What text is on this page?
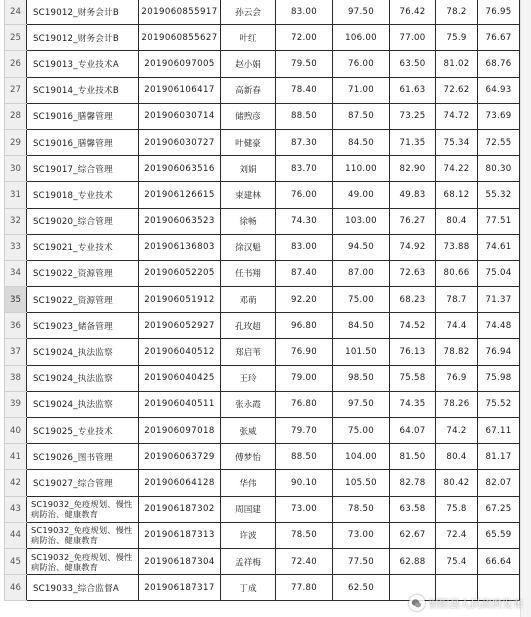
24	SC19012_财务会计B	2019060855917	孙云会	83.00	97.50	76.42	78.2	76.95
25	SC19012_财务会计B	2019060855627	叶红	72.00	106.00	77.00	75.9	76.67
26	SC19013_专业技术A	201906097005	赵小娟	79.50	76.00	63.50	81.02	68.76
27	SC19014_专业技术B	201906106417	高新春	78.40	71.00	61.63	72.62	64.93
28	SC19016_膳馨管理	201906030714	储煦彦	88.50	87.50	73.25	74.72	73.69
29	SC19016_膳馨管理	201906030727	叶健豪	87.30	84.50	71.35	75.34	72.55
30	SC19017_综合管理	201906063516	刘娟	83.70	110.00	82.90	74.22	80.30
31	SC19018_专业技术	201906126615	束建林	76.00	49.00	49.83	68.12	55.32
32	SC19020_综合管理	201906063523	徐畅	74.30	103.00	76.27	80.4	77.51
33	SC19021_专业技术	201906136803	徐汉魁	83.00	94.50	74.92	73.88	74.61
34	SC19022_资源管理	201906052205	任书翔	87.40	87.00	72.63	80.66	75.04
35	SC19022_资源管理	201906051912	邓萌	92.20	75.00	68.23	78.7	71.37
36	SC19023_储备管理	201906052927	孔玫超	96.80	84.50	74.52	74.4	74.48
37	SC19024_执法监察	201906040512	郑启苇	76.90	101.50	76.13	78.82	76.94
38	SC19024_执法监察	201906040425	王玲	79.00	98.50	75.58	76.9	75.98
39	SC19024_执法监察	201906040511	张永霞	76.80	97.50	74.35	78.26	75.52
40	SC19025_专业技术	201906097018	张威	79.70	75.00	64.07	74.2	67.11
41	SC19026_图书管理	201906063729	傅梦怡	88.50	104.00	81.50	80.4	81.17
42	SC19027_综合管理	201906064128	华伟	90.10	105.50	82.78	80.42	82.07
43	SC19032_免疫规划、慢性病防治、健康教育	201906187302	周国建	73.00	78.50	63.58	75.8	67.25
44	SC19032_免疫规划、慢性病防治、健康教育	201906187313	许波	78.50	73.00	62.67	72.4	65.59
45	SC19032_免疫规划、慢性病防治、健康教育	201906187304	孟祥梅	72.40	77.50	62.88	75.4	66.64
46	SC19033_综合监督A	201906187317	丁成	77.80	62.50			
射阳县人民政府发布
